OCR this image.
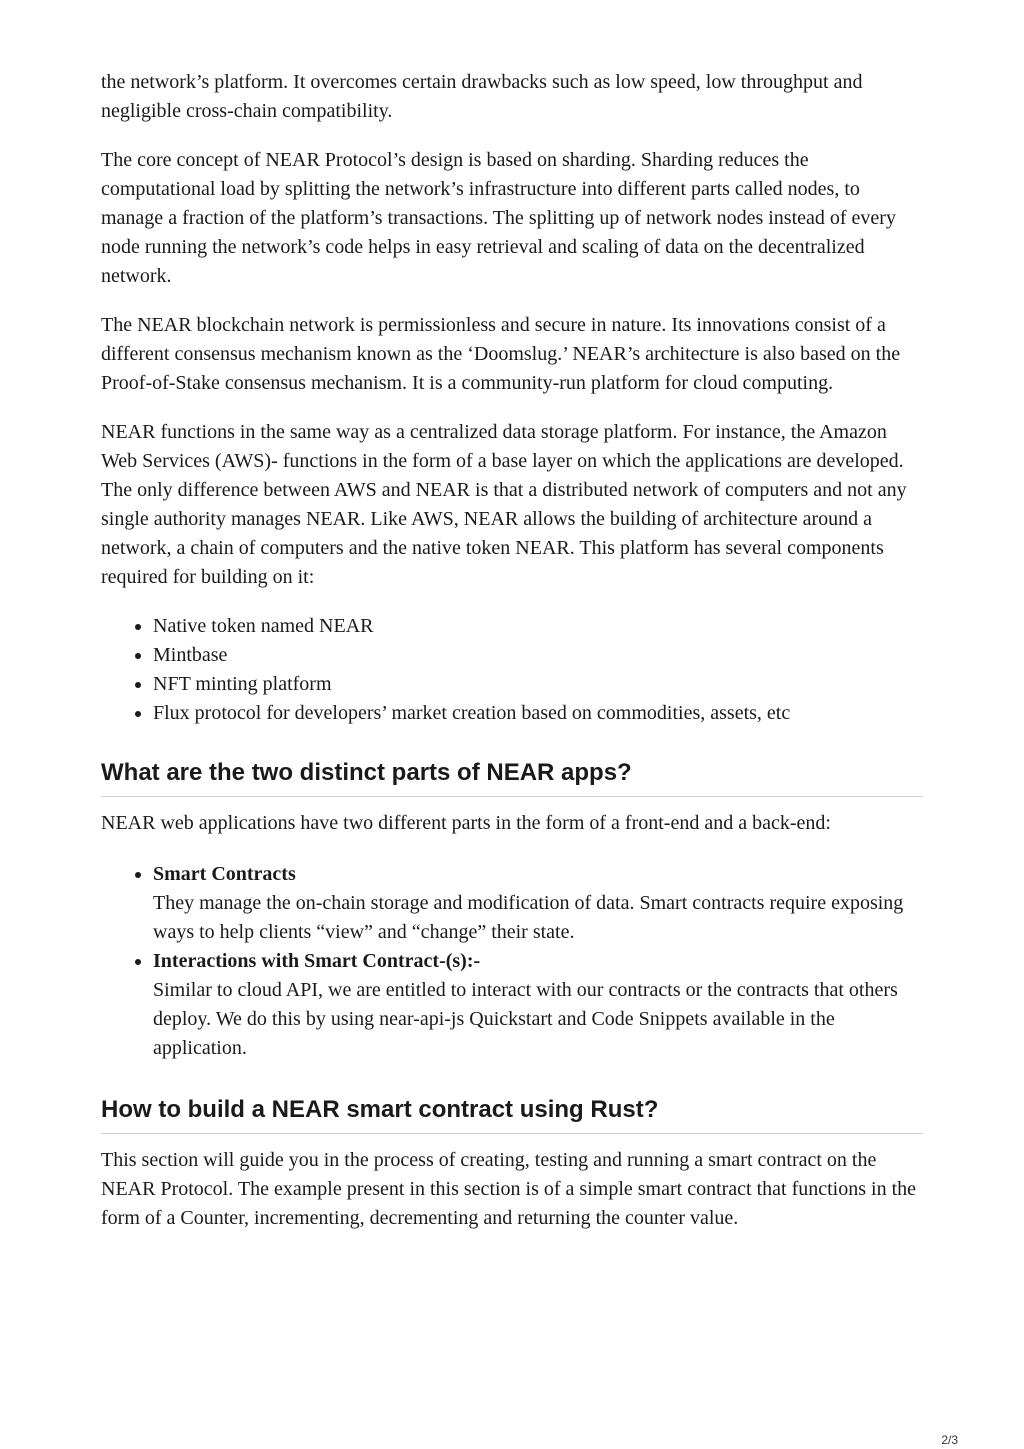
the network’s platform. It overcomes certain drawbacks such as low speed, low throughput and negligible cross-chain compatibility.

The core concept of NEAR Protocol’s design is based on sharding. Sharding reduces the computational load by splitting the network’s infrastructure into different parts called nodes, to manage a fraction of the platform’s transactions. The splitting up of network nodes instead of every node running the network’s code helps in easy retrieval and scaling of data on the decentralized network.

The NEAR blockchain network is permissionless and secure in nature. Its innovations consist of a different consensus mechanism known as the ‘Doomslug.’ NEAR’s architecture is also based on the Proof-of-Stake consensus mechanism. It is a community-run platform for cloud computing.

NEAR functions in the same way as a centralized data storage platform. For instance, the Amazon Web Services (AWS)- functions in the form of a base layer on which the applications are developed. The only difference between AWS and NEAR is that a distributed network of computers and not any single authority manages NEAR. Like AWS, NEAR allows the building of architecture around a network, a chain of computers and the native token NEAR. This platform has several components required for building on it:

• Native token named NEAR
• Mintbase
• NFT minting platform
• Flux protocol for developers’ market creation based on commodities, assets, etc
What are the two distinct parts of NEAR apps?

NEAR web applications have two different parts in the form of a front-end and a back-end:

• Smart Contracts
They manage the on-chain storage and modification of data. Smart contracts require exposing ways to help clients “view” and “change” their state.
• Interactions with Smart Contract-(s):-
Similar to cloud API, we are entitled to interact with our contracts or the contracts that others deploy. We do this by using near-api-js Quickstart and Code Snippets available in the application.
How to build a NEAR smart contract using Rust?

This section will guide you in the process of creating, testing and running a smart contract on the NEAR Protocol. The example present in this section is of a simple smart contract that functions in the form of a Counter, incrementing, decrementing and returning the counter value.

2/3
